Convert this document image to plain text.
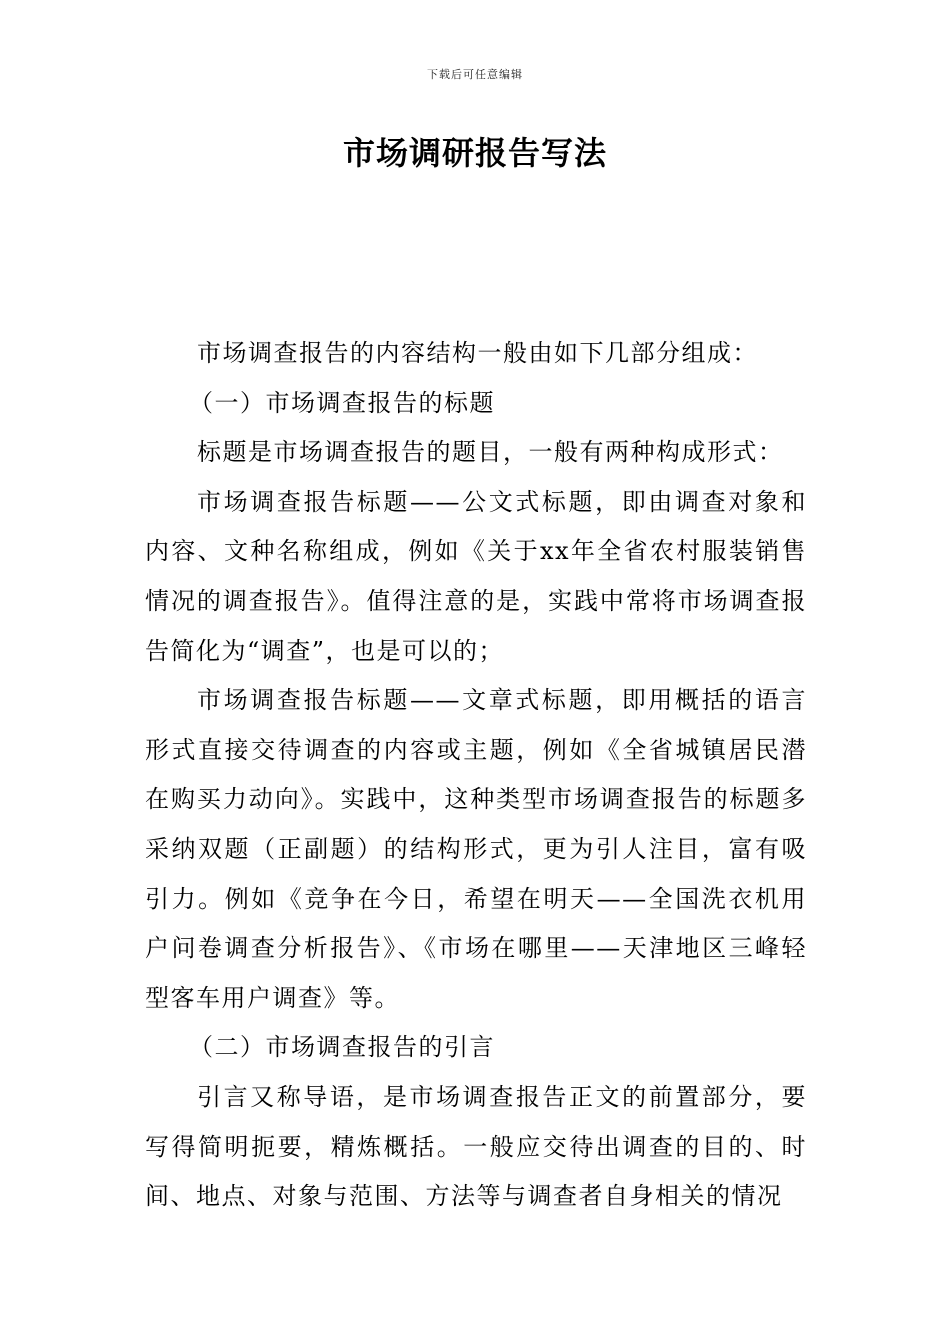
下载后可任意编辑
市场调研报告写法

市场调查报告的内容结构一般由如下几部分组成：

（一）市场调查报告的标题

标题是市场调查报告的题目，一般有两种构成形式：

市场调查报告标题——公文式标题，即由调查对象和内容、文种名称组成，例如《关于xx年全省农村服装销售情况的调查报告》。值得注意的是，实践中常将市场调查报告简化为“调查”，也是可以的；

市场调查报告标题——文章式标题，即用概括的语言形式直接交待调查的内容或主题，例如《全省城镇居民潜在购买力动向》。实践中，这种类型市场调查报告的标题多采纳双题（正副题）的结构形式，更为引人注目，富有吸引力。例如《竞争在今日，希望在明天——全国洗衣机用户问卷调查分析报告》、《市场在哪里——天津地区三峰轻型客车用户调查》等。

（二）市场调查报告的引言

引言又称导语，是市场调查报告正文的前置部分，要写得简明扼要，精炼概括。一般应交待出调查的目的、时间、地点、对象与范围、方法等与调查者自身相关的情况
